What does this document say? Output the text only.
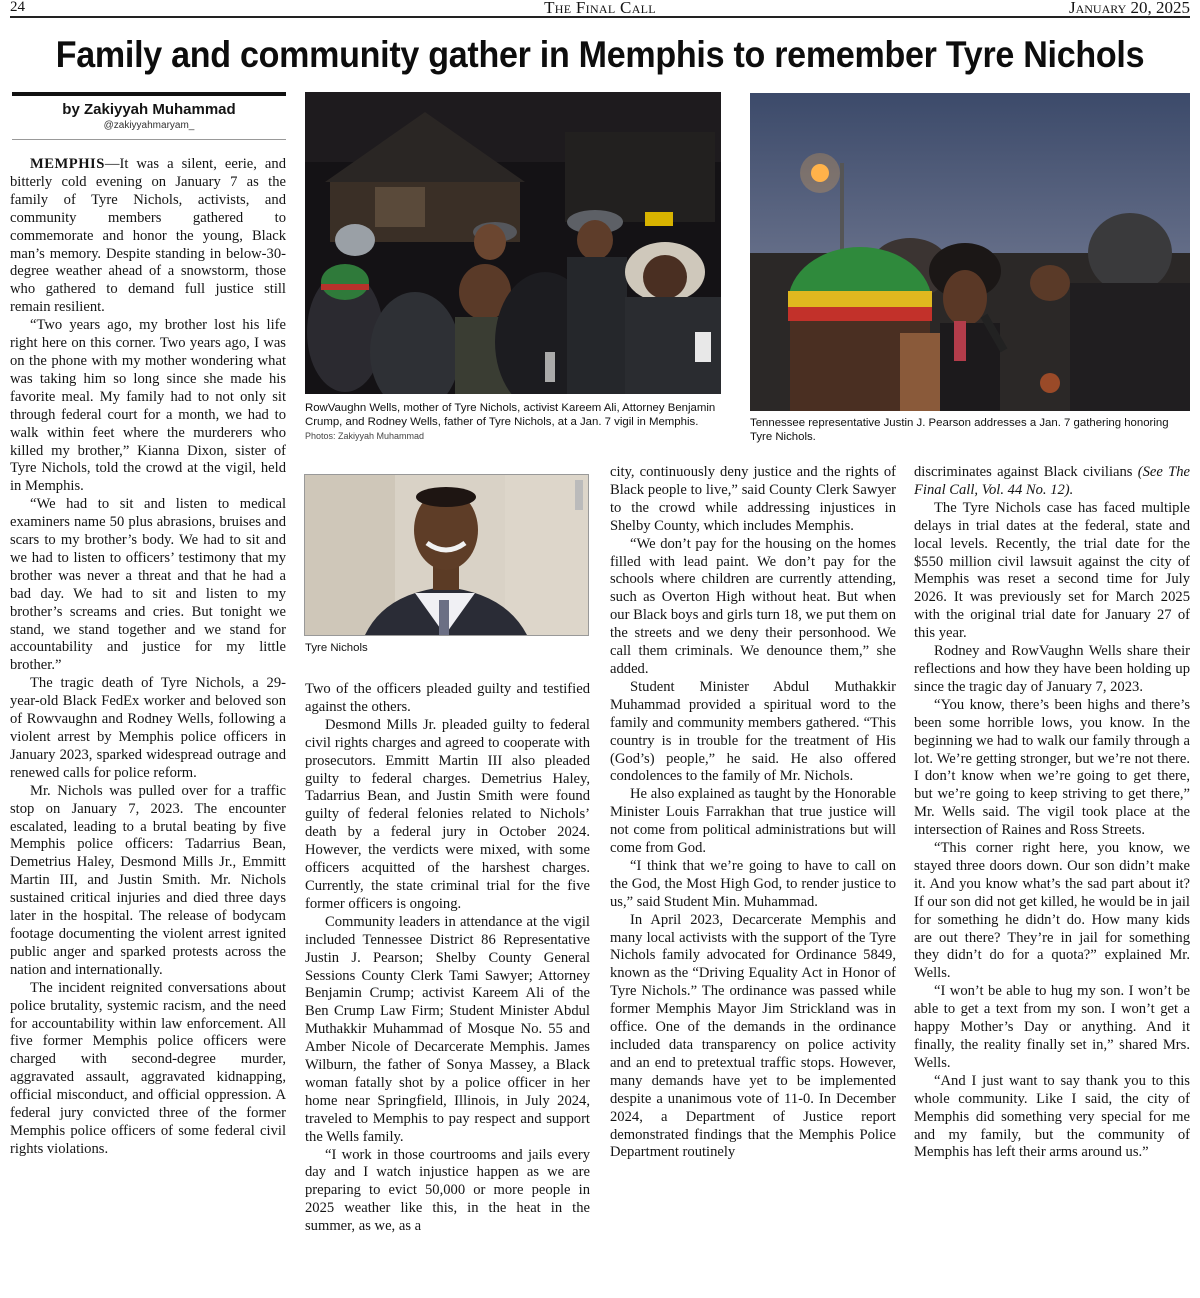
24	The Final Call	January 20, 2025
Family and community gather in Memphis to remember Tyre Nichols
by Zakiyyah Muhammad
@zakiyyahmaryam_
RowVaughn Wells, mother of Tyre Nichols, activist Kareem Ali, Attorney Benjamin Crump, and Rodney Wells, father of Tyre Nichols, at a Jan. 7 vigil in Memphis. Photos: Zakiyyah Muhammad
Tennessee representative Justin J. Pearson addresses a Jan. 7 gathering honoring Tyre Nichols.
Tyre Nichols

MEMPHIS—It was a silent, eerie, and bitterly cold evening on January 7 as the family of Tyre Nichols, activists, and community members gathered to commemorate and honor the young, Black man’s memory. Despite standing in below-30-degree weather ahead of a snowstorm, those who gathered to demand full justice still remain resilient.

“Two years ago, my brother lost his life right here on this corner. Two years ago, I was on the phone with my mother wondering what was taking him so long since she made his favorite meal. My family had to not only sit through federal court for a month, we had to walk within feet where the murderers who killed my brother,” Kianna Dixon, sister of Tyre Nichols, told the crowd at the vigil, held in Memphis.

“We had to sit and listen to medical examiners name 50 plus abrasions, bruises and scars to my brother’s body. We had to sit and we had to listen to officers’ testimony that my brother was never a threat and that he had a bad day. We had to sit and listen to my brother’s screams and cries. But tonight we stand, we stand together and we stand for accountability and justice for my little brother.”

The tragic death of Tyre Nichols, a 29-year-old Black FedEx worker and beloved son of Rowvaughn and Rodney Wells, following a violent arrest by Memphis police officers in January 2023, sparked widespread outrage and renewed calls for police reform.

Mr. Nichols was pulled over for a traffic stop on January 7, 2023. The encounter escalated, leading to a brutal beating by five Memphis police officers: Tadarrius Bean, Demetrius Haley, Desmond Mills Jr., Emmitt Martin III, and Justin Smith. Mr. Nichols sustained critical injuries and died three days later in the hospital. The release of bodycam footage documenting the violent arrest ignited public anger and sparked protests across the nation and internationally.

The incident reignited conversations about police brutality, systemic racism, and the need for accountability within law enforcement. All five former Memphis police officers were charged with second-degree murder, aggravated assault, aggravated kidnapping, official misconduct, and official oppression. A federal jury convicted three of the former Memphis police officers of some federal civil rights violations.

Two of the officers pleaded guilty and testified against the others.

Desmond Mills Jr. pleaded guilty to federal civil rights charges and agreed to cooperate with prosecutors. Emmitt Martin III also pleaded guilty to federal charges. Demetrius Haley, Tadarrius Bean, and Justin Smith were found guilty of federal felonies related to Nichols’ death by a federal jury in October 2024. However, the verdicts were mixed, with some officers acquitted of the harshest charges. Currently, the state criminal trial for the five former officers is ongoing.

Community leaders in attendance at the vigil included Tennessee District 86 Representative Justin J. Pearson; Shelby County General Sessions County Clerk Tami Sawyer; Attorney Benjamin Crump; activist Kareem Ali of the Ben Crump Law Firm; Student Minister Abdul Muthakkir Muhammad of Mosque No. 55 and Amber Nicole of Decarcerate Memphis. James Wilburn, the father of Sonya Massey, a Black woman fatally shot by a police officer in her home near Springfield, Illinois, in July 2024, traveled to Memphis to pay respect and support the Wells family.

“I work in those courtrooms and jails every day and I watch injustice happen as we are preparing to evict 50,000 or more people in 2025 weather like this, in the heat in the summer, as we, as a

city, continuously deny justice and the rights of Black people to live,” said County Clerk Sawyer to the crowd while addressing injustices in Shelby County, which includes Memphis.

“We don’t pay for the housing on the homes filled with lead paint. We don’t pay for the schools where children are currently attending, such as Overton High without heat. But when our Black boys and girls turn 18, we put them on the streets and we deny their personhood. We call them criminals. We denounce them,” she added.

Student Minister Abdul Muthakkir Muhammad provided a spiritual word to the family and community members gathered. “This country is in trouble for the treatment of His (God’s) people,” he said. He also offered condolences to the family of Mr. Nichols.

He also explained as taught by the Honorable Minister Louis Farrakhan that true justice will not come from political administrations but will come from God.

“I think that we’re going to have to call on the God, the Most High God, to render justice to us,” said Student Min. Muhammad.

In April 2023, Decarcerate Memphis and many local activists with the support of the Tyre Nichols family advocated for Ordinance 5849, known as the “Driving Equality Act in Honor of Tyre Nichols.” The ordinance was passed while former Memphis Mayor Jim Strickland was in office. One of the demands in the ordinance included data transparency on police activity and an end to pretextual traffic stops. However, many demands have yet to be implemented despite a unanimous vote of 11-0. In December 2024, a Department of Justice report demonstrated findings that the Memphis Police Department routinely

discriminates against Black civilians (See The Final Call, Vol. 44 No. 12).

The Tyre Nichols case has faced multiple delays in trial dates at the federal, state and local levels. Recently, the trial date for the $550 million civil lawsuit against the city of Memphis was reset a second time for July 2026. It was previously set for March 2025 with the original trial date for January 27 of this year.

Rodney and RowVaughn Wells share their reflections and how they have been holding up since the tragic day of January 7, 2023.

“You know, there’s been highs and there’s been some horrible lows, you know. In the beginning we had to walk our family through a lot. We’re getting stronger, but we’re not there. I don’t know when we’re going to get there, but we’re going to keep striving to get there,” Mr. Wells said. The vigil took place at the intersection of Raines and Ross Streets.

“This corner right here, you know, we stayed three doors down. Our son didn’t make it. And you know what’s the sad part about it? If our son did not get killed, he would be in jail for something he didn’t do. How many kids are out there? They’re in jail for something they didn’t do for a quota?” explained Mr. Wells.

“I won’t be able to hug my son. I won’t be able to get a text from my son. I won’t get a happy Mother’s Day or anything. And it finally, the reality finally set in,” shared Mrs. Wells.

“And I just want to say thank you to this whole community. Like I said, the city of Memphis did something very special for me and my family, but the community of Memphis has left their arms around us.”
